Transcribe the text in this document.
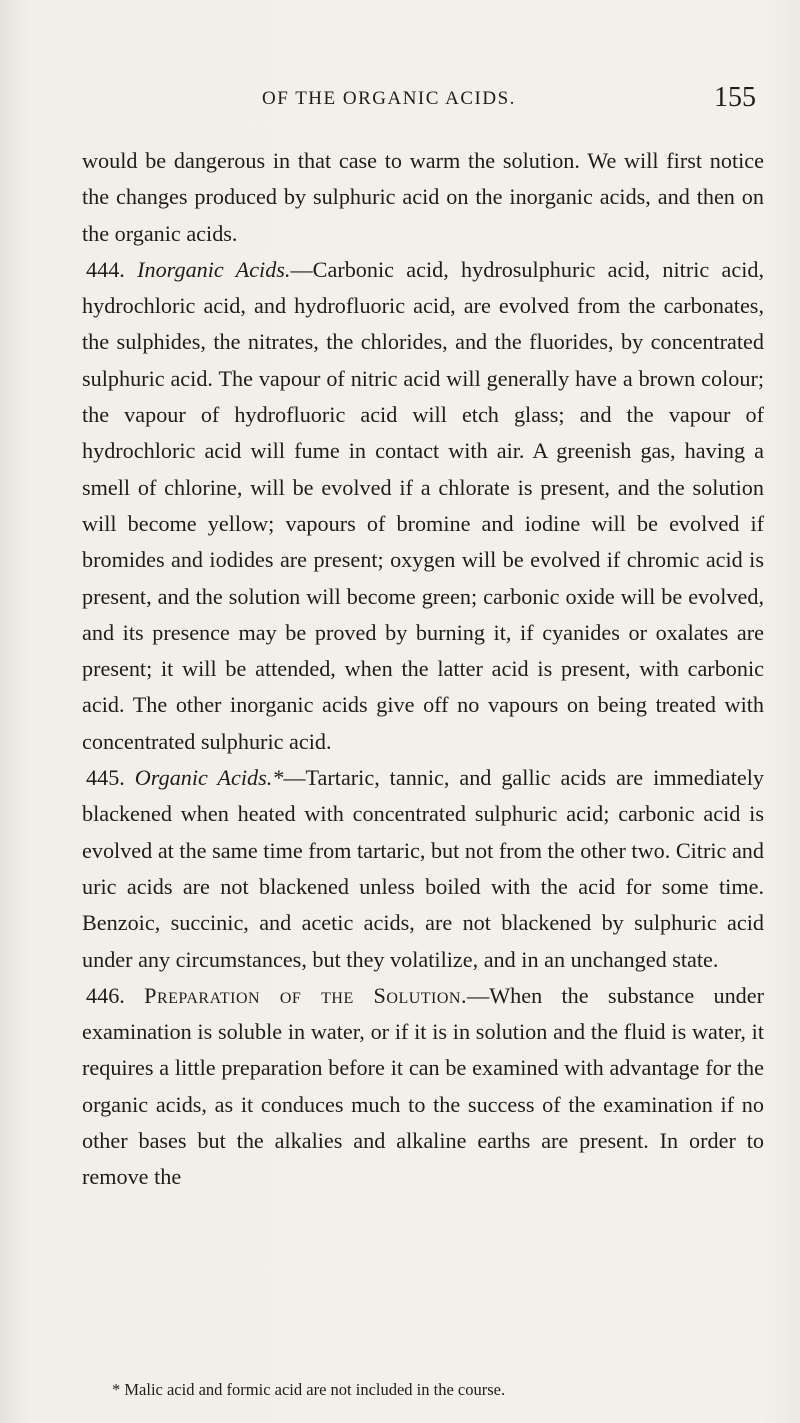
OF THE ORGANIC ACIDS.	155

would be dangerous in that case to warm the solution. We will first notice the changes produced by sulphuric acid on the inorganic acids, and then on the organic acids.

444. Inorganic Acids.—Carbonic acid, hydrosulphuric acid, nitric acid, hydrochloric acid, and hydrofluoric acid, are evolved from the carbonates, the sulphides, the nitrates, the chlorides, and the fluorides, by concentrated sulphuric acid. The vapour of nitric acid will generally have a brown colour; the vapour of hydrofluoric acid will etch glass; and the vapour of hydrochloric acid will fume in contact with air. A greenish gas, having a smell of chlorine, will be evolved if a chlorate is present, and the solution will become yellow; vapours of bromine and iodine will be evolved if bromides and iodides are present; oxygen will be evolved if chromic acid is present, and the solution will become green; carbonic oxide will be evolved, and its presence may be proved by burning it, if cyanides or oxalates are present; it will be attended, when the latter acid is present, with carbonic acid. The other inorganic acids give off no vapours on being treated with concentrated sulphuric acid.

445. Organic Acids.*—Tartaric, tannic, and gallic acids are immediately blackened when heated with concentrated sulphuric acid; carbonic acid is evolved at the same time from tartaric, but not from the other two. Citric and uric acids are not blackened unless boiled with the acid for some time. Benzoic, succinic, and acetic acids, are not blackened by sulphuric acid under any circumstances, but they volatilize, and in an unchanged state.

446. Preparation of the Solution.—When the substance under examination is soluble in water, or if it is in solution and the fluid is water, it requires a little preparation before it can be examined with advantage for the organic acids, as it conduces much to the success of the examination if no other bases but the alkalies and alkaline earths are present. In order to remove the

* Malic acid and formic acid are not included in the course.
